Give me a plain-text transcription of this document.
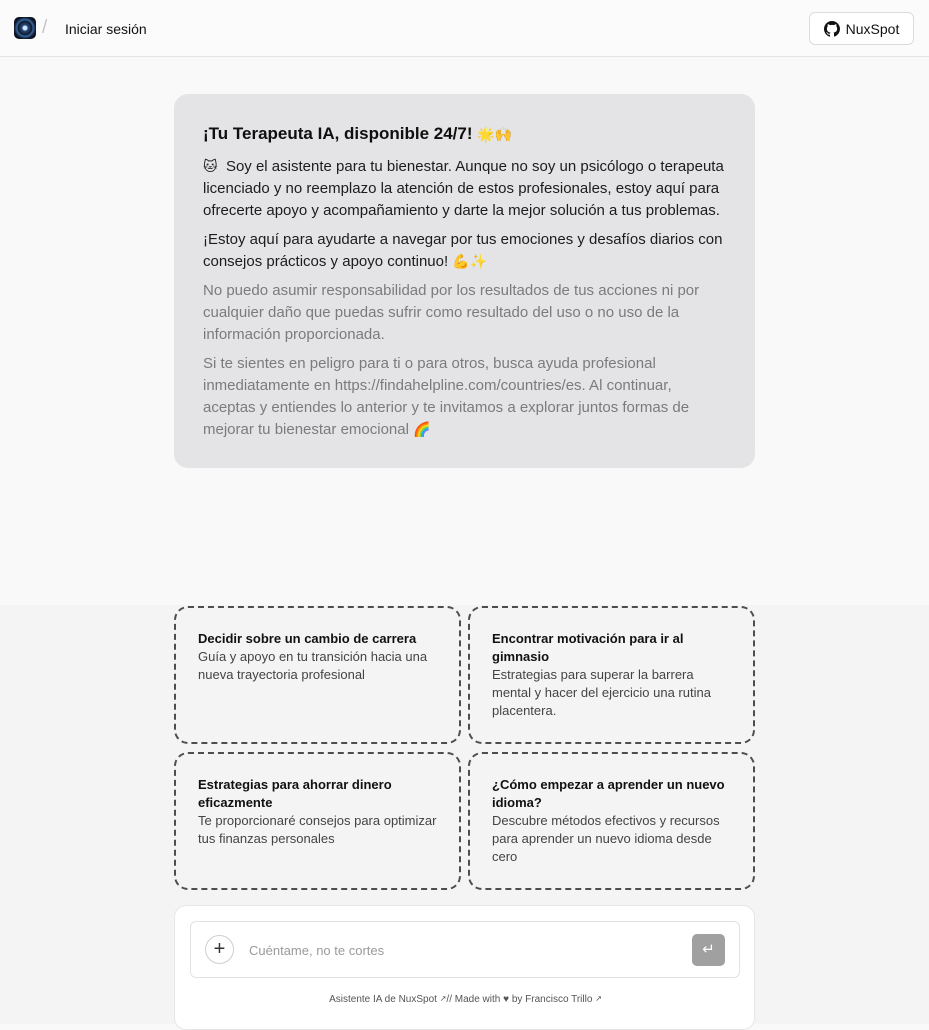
/ Iniciar sesión	NuxSpot
¡Tu Terapeuta IA, disponible 24/7! 🌟🙌

🐱 Soy el asistente para tu bienestar. Aunque no soy un psicólogo o terapeuta licenciado y no reemplazo la atención de estos profesionales, estoy aquí para ofrecerte apoyo y acompañamiento y darte la mejor solución a tus problemas.

¡Estoy aquí para ayudarte a navegar por tus emociones y desafíos diarios con consejos prácticos y apoyo continuo! 💪✨

No puedo asumir responsabilidad por los resultados de tus acciones ni por cualquier daño que puedas sufrir como resultado del uso o no uso de la información proporcionada.

Si te sientes en peligro para ti o para otros, busca ayuda profesional inmediatamente en https://findahelpline.com/countries/es. Al continuar, aceptas y entiendes lo anterior y te invitamos a explorar juntos formas de mejorar tu bienestar emocional 🌈

Decidir sobre un cambio de carrera
Guía y apoyo en tu transición hacia una nueva trayectoria profesional
Encontrar motivación para ir al gimnasio
Estrategias para superar la barrera mental y hacer del ejercicio una rutina placentera.
Estrategias para ahorrar dinero eficazmente
Te proporcionaré consejos para optimizar tus finanzas personales
¿Cómo empezar a aprender un nuevo idioma?
Descubre métodos efectivos y recursos para aprender un nuevo idioma desde cero
+
Cuéntame, no te cortes	↵
Asistente IA de NuxSpot ↗// Made with ♥ by Francisco Trillo ↗
